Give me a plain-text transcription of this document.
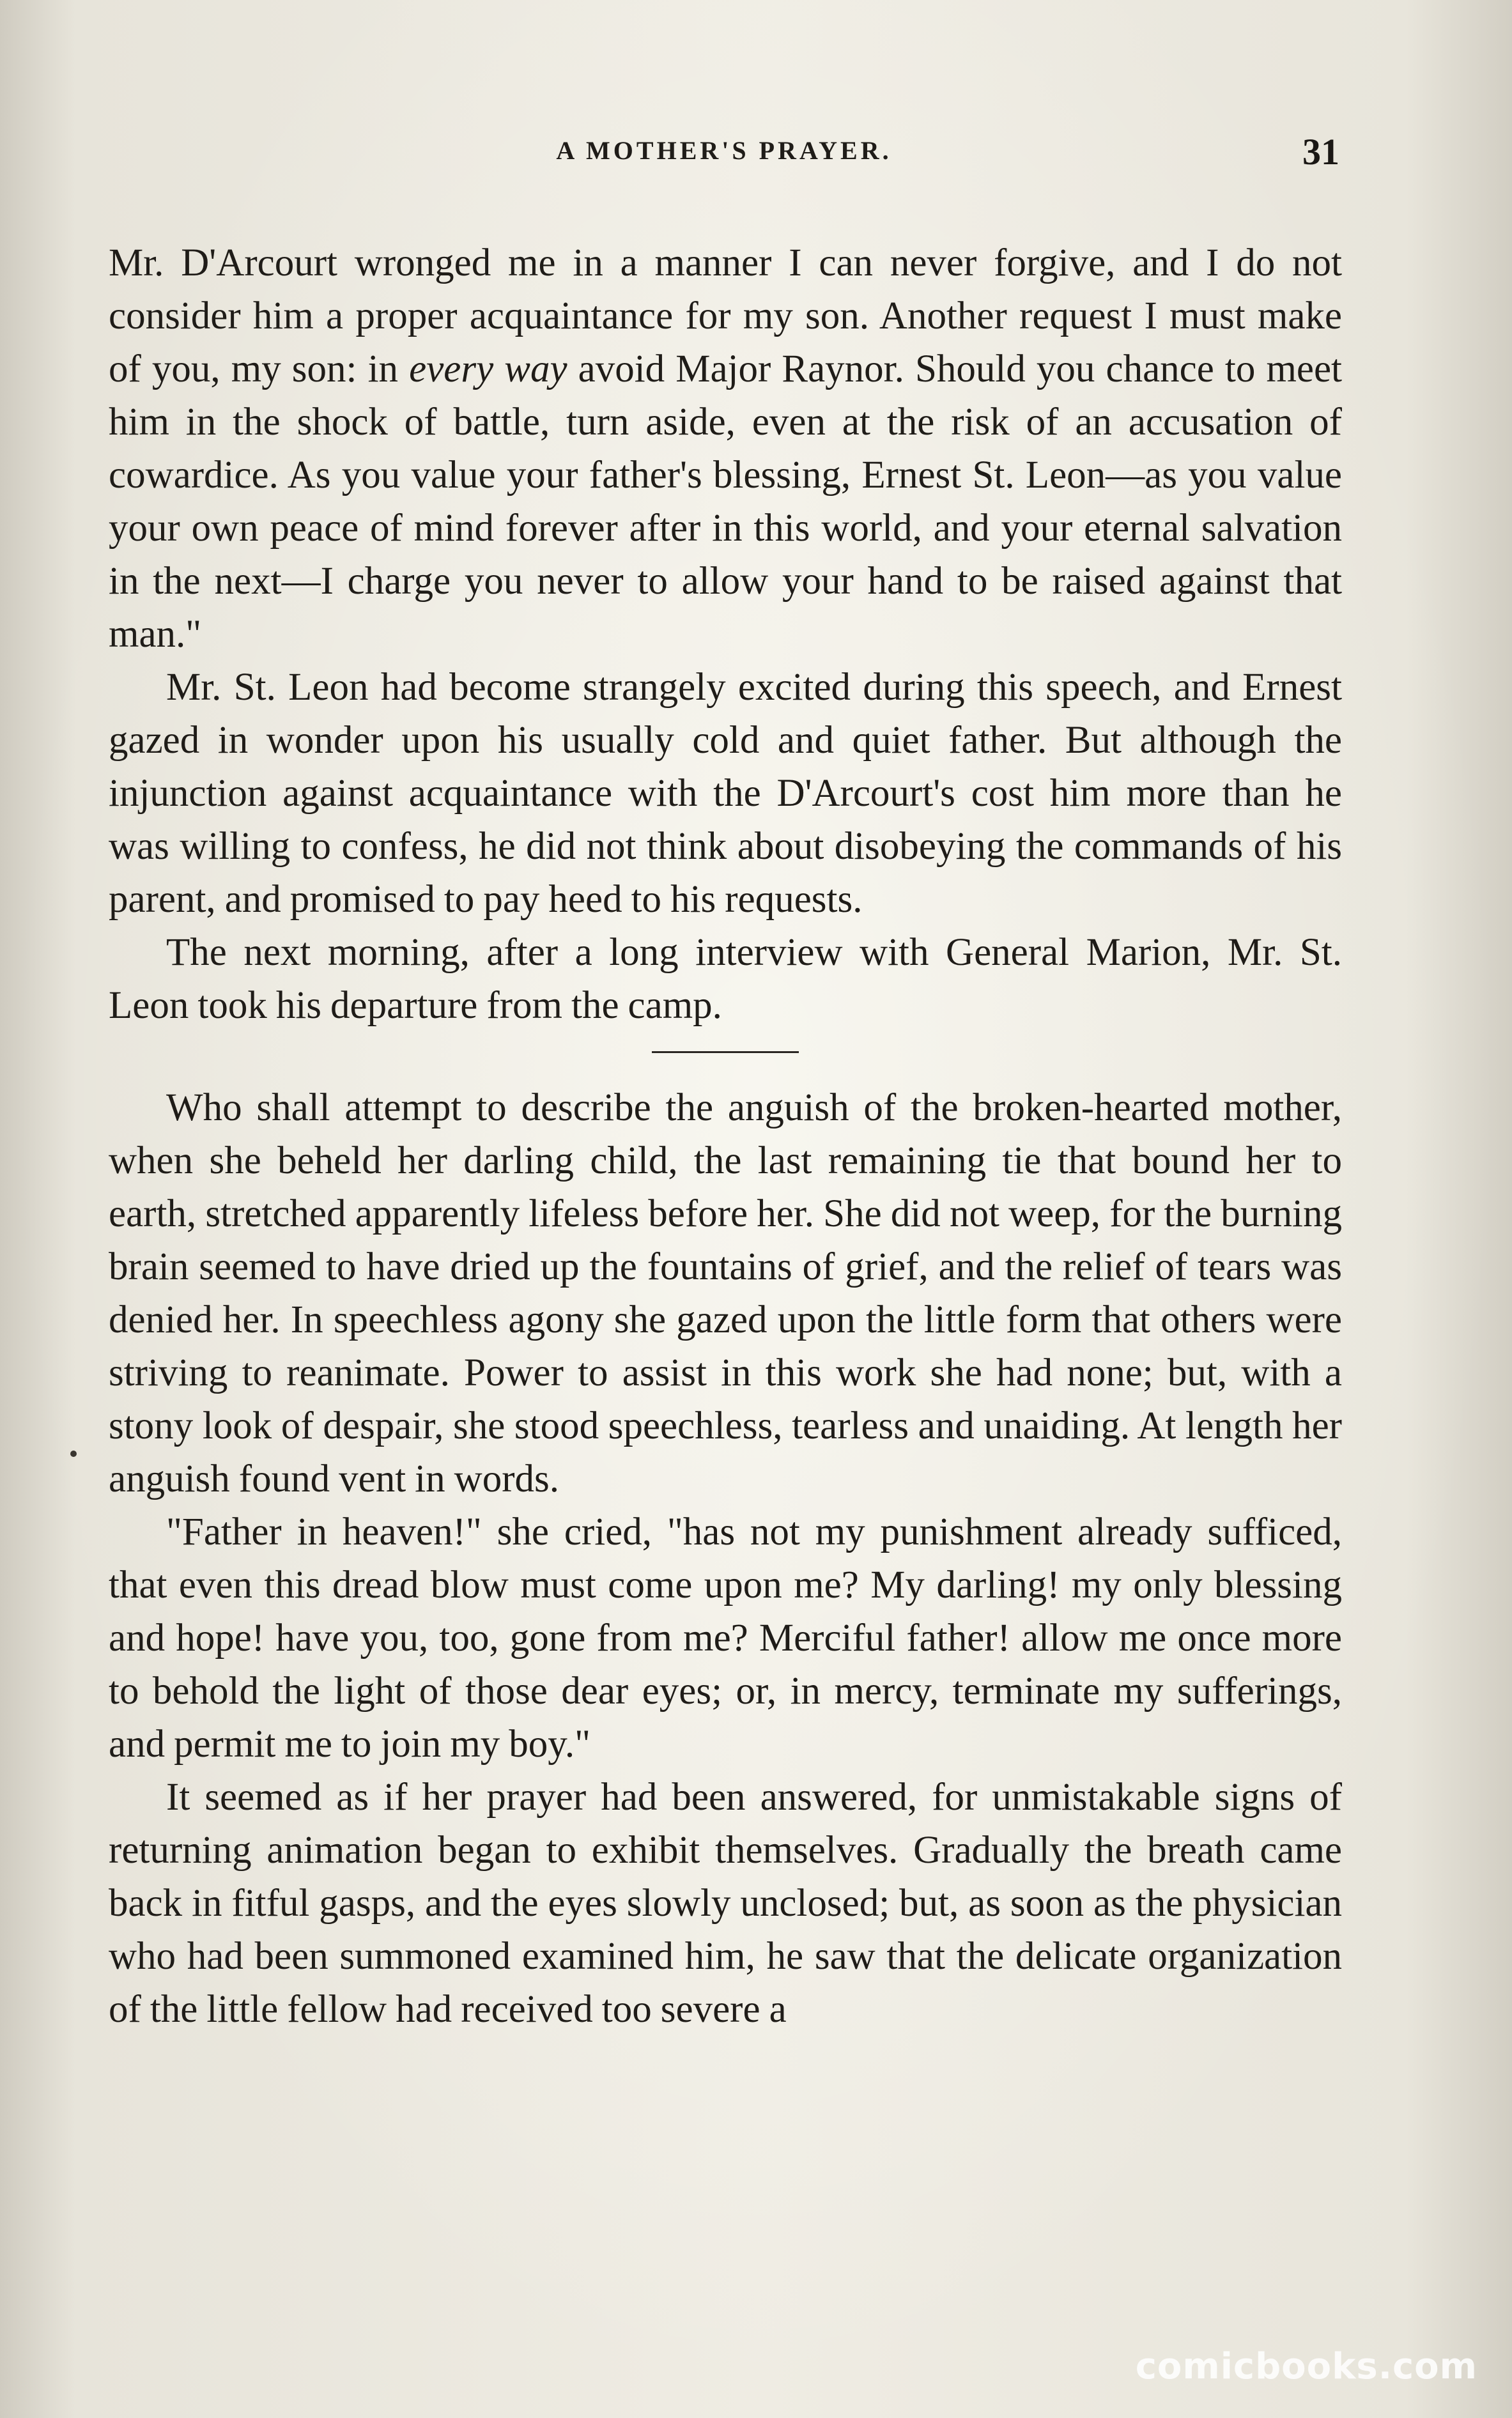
A MOTHER'S PRAYER.	31

Mr. D'Arcourt wronged me in a manner I can never forgive, and I do not consider him a proper acquaintance for my son. Another request I must make of you, my son: in every way avoid Major Raynor. Should you chance to meet him in the shock of battle, turn aside, even at the risk of an accusation of cowardice. As you value your father's blessing, Ernest St. Leon—as you value your own peace of mind forever after in this world, and your eternal salvation in the next—I charge you never to allow your hand to be raised against that man."

Mr. St. Leon had become strangely excited during this speech, and Ernest gazed in wonder upon his usually cold and quiet father. But although the injunction against acquaintance with the D'Arcourt's cost him more than he was willing to confess, he did not think about disobeying the commands of his parent, and promised to pay heed to his requests.

The next morning, after a long interview with General Marion, Mr. St. Leon took his departure from the camp.

Who shall attempt to describe the anguish of the broken-hearted mother, when she beheld her darling child, the last remaining tie that bound her to earth, stretched apparently lifeless before her. She did not weep, for the burning brain seemed to have dried up the fountains of grief, and the relief of tears was denied her. In speechless agony she gazed upon the little form that others were striving to reanimate. Power to assist in this work she had none; but, with a stony look of despair, she stood speechless, tearless and unaiding. At length her anguish found vent in words.

"Father in heaven!" she cried, "has not my punishment already sufficed, that even this dread blow must come upon me? My darling! my only blessing and hope! have you, too, gone from me? Merciful father! allow me once more to behold the light of those dear eyes; or, in mercy, terminate my sufferings, and permit me to join my boy."

It seemed as if her prayer had been answered, for unmistakable signs of returning animation began to exhibit themselves. Gradually the breath came back in fitful gasps, and the eyes slowly unclosed; but, as soon as the physician who had been summoned examined him, he saw that the delicate organization of the little fellow had received too severe a

comicbooks.com
